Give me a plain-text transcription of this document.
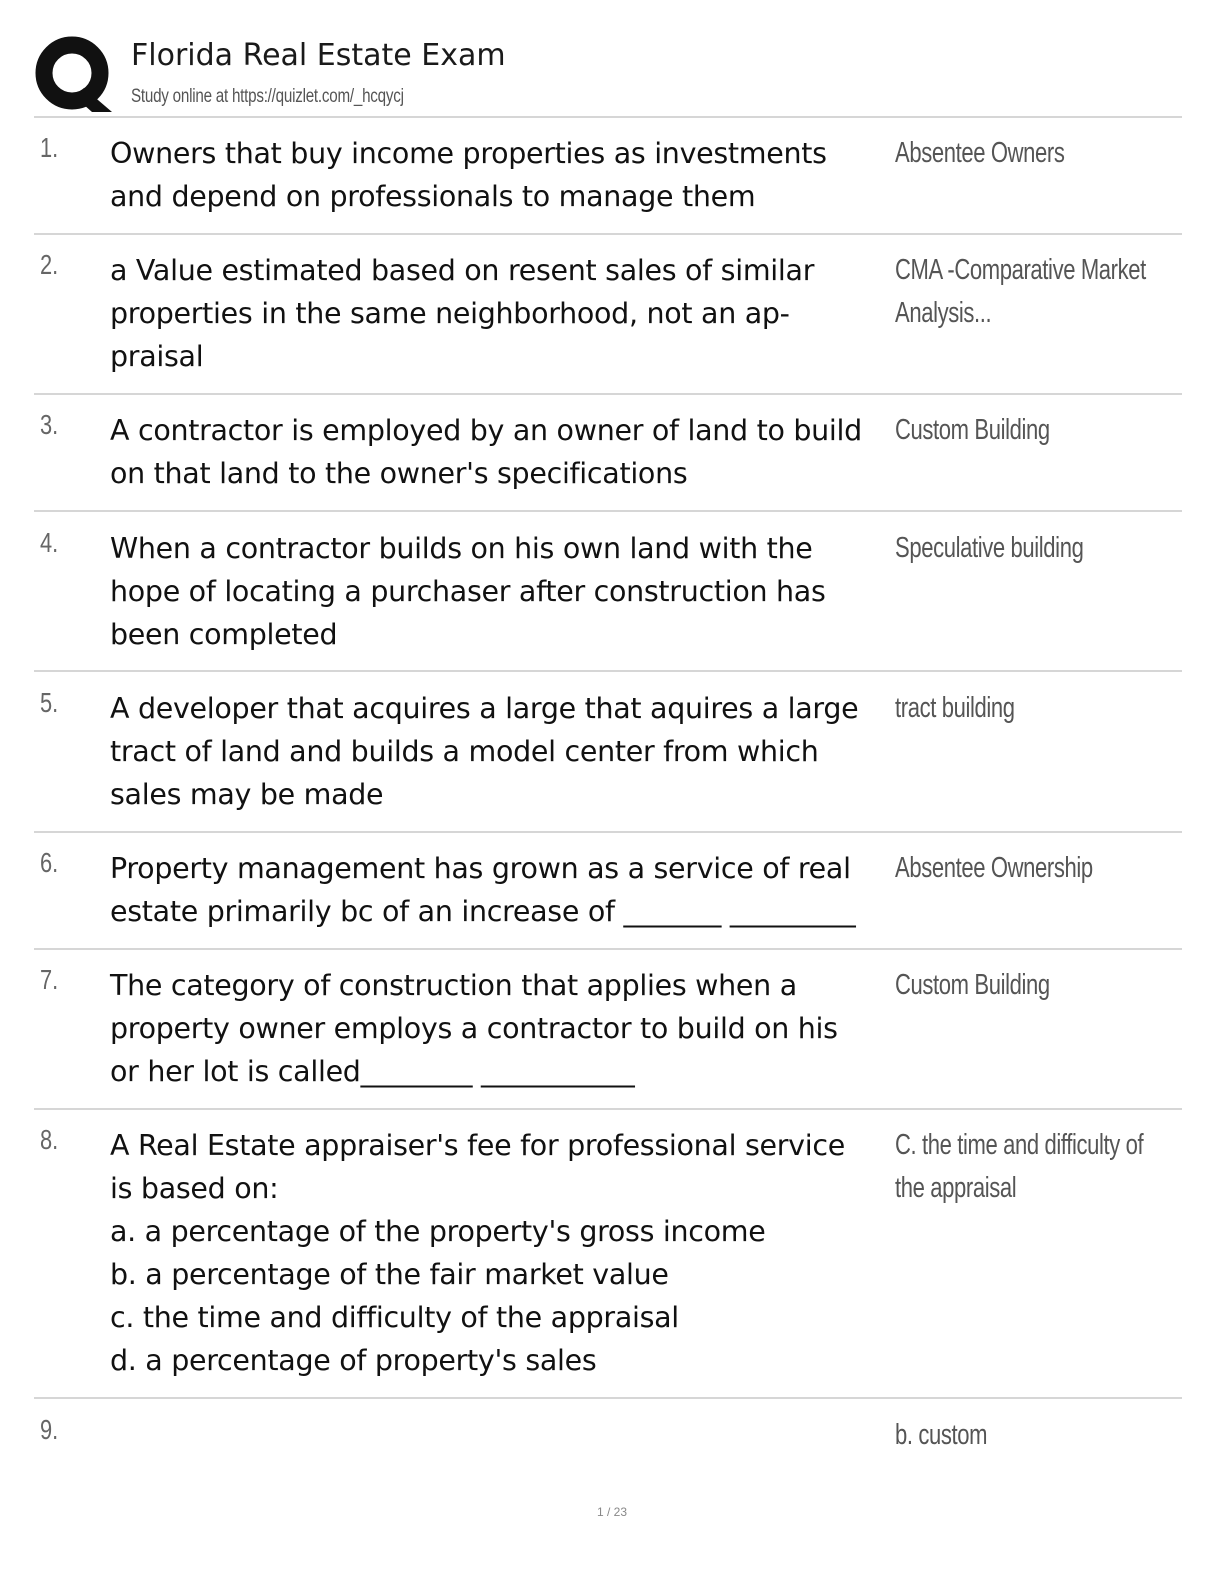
Florida Real Estate Exam
Study online at https://quizlet.com/_hcqycj
1. Owners that buy income properties as investments
and depend on professionals to manage them
Absentee Owners
2. a Value estimated based on resent sales of similar
properties in the same neighborhood, not an ap-
praisal
CMA -Comparative Market
Analysis...
3. A contractor is employed by an owner of land to build
on that land to the owner's specifications
Custom Building
4. When a contractor builds on his own land with the
hope of locating a purchaser after construction has
been completed
Speculative building
5. A developer that acquires a large that aquires a large
tract of land and builds a model center from which
sales may be made
tract building
6. Property management has grown as a service of real
estate primarily bc of an increase of _______ _________
Absentee Ownership
7. The category of construction that applies when a
property owner employs a contractor to build on his
or her lot is called________ ___________
Custom Building
8. A Real Estate appraiser's fee for professional service
is based on:
a. a percentage of the property's gross income
b. a percentage of the fair market value
c. the time and difficulty of the appraisal
d. a percentage of property's sales
C. the time and difficulty of
the appraisal
9.	b. custom
1 / 23
